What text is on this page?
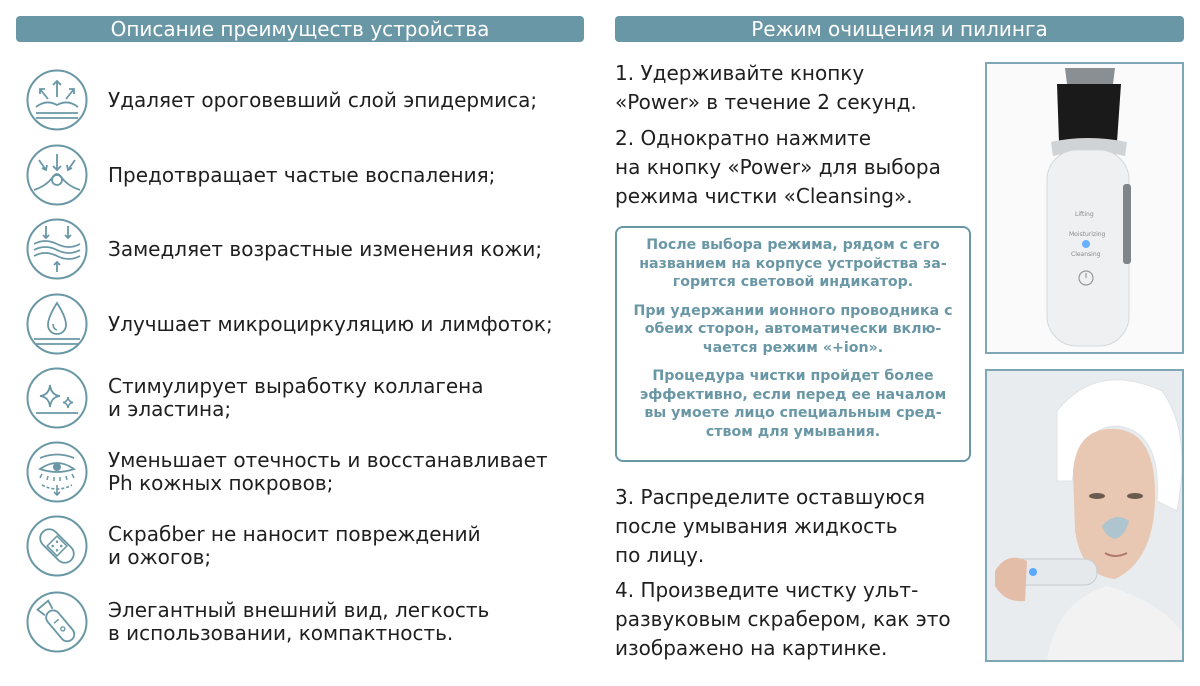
Описание преимуществ устройства	Режим очищения и пилинга
Удаляет ороговевший слой эпидермиса;
Предотвращает частые воспаления;
Замедляет возрастные изменения кожи;
Улучшает микроциркуляцию и лимфоток;
Стимулирует выработку коллагена
и эластина;
Уменьшает отечность и восстанавливает
Ph кожных покровов;
Скрабber не наносит повреждений
и ожогов;
Элегантный внешний вид, легкость
в использовании, компактность.
1. Удерживайте кнопку
«Power» в течение 2 секунд.
2. Однократно нажмите
на кнопку «Power» для выбора
режима чистки «Cleansing».

После выбора режима, рядом с его названием на корпусе устройства за-горится световой индикатор.

При удержании ионного проводника с обеих сторон, автоматически вклю-чается режим «+ion».

Процедура чистки пройдет более эффективно, если перед ее началом вы умоете лицо специальным сред-ством для умывания.

3. Распределите оставшуюся
после умывания жидкость
по лицу.
4. Произведите чистку ульт-
развуковым скрабером, как это
изображено на картинке.
Lifting
Moisturizing
Cleansing
